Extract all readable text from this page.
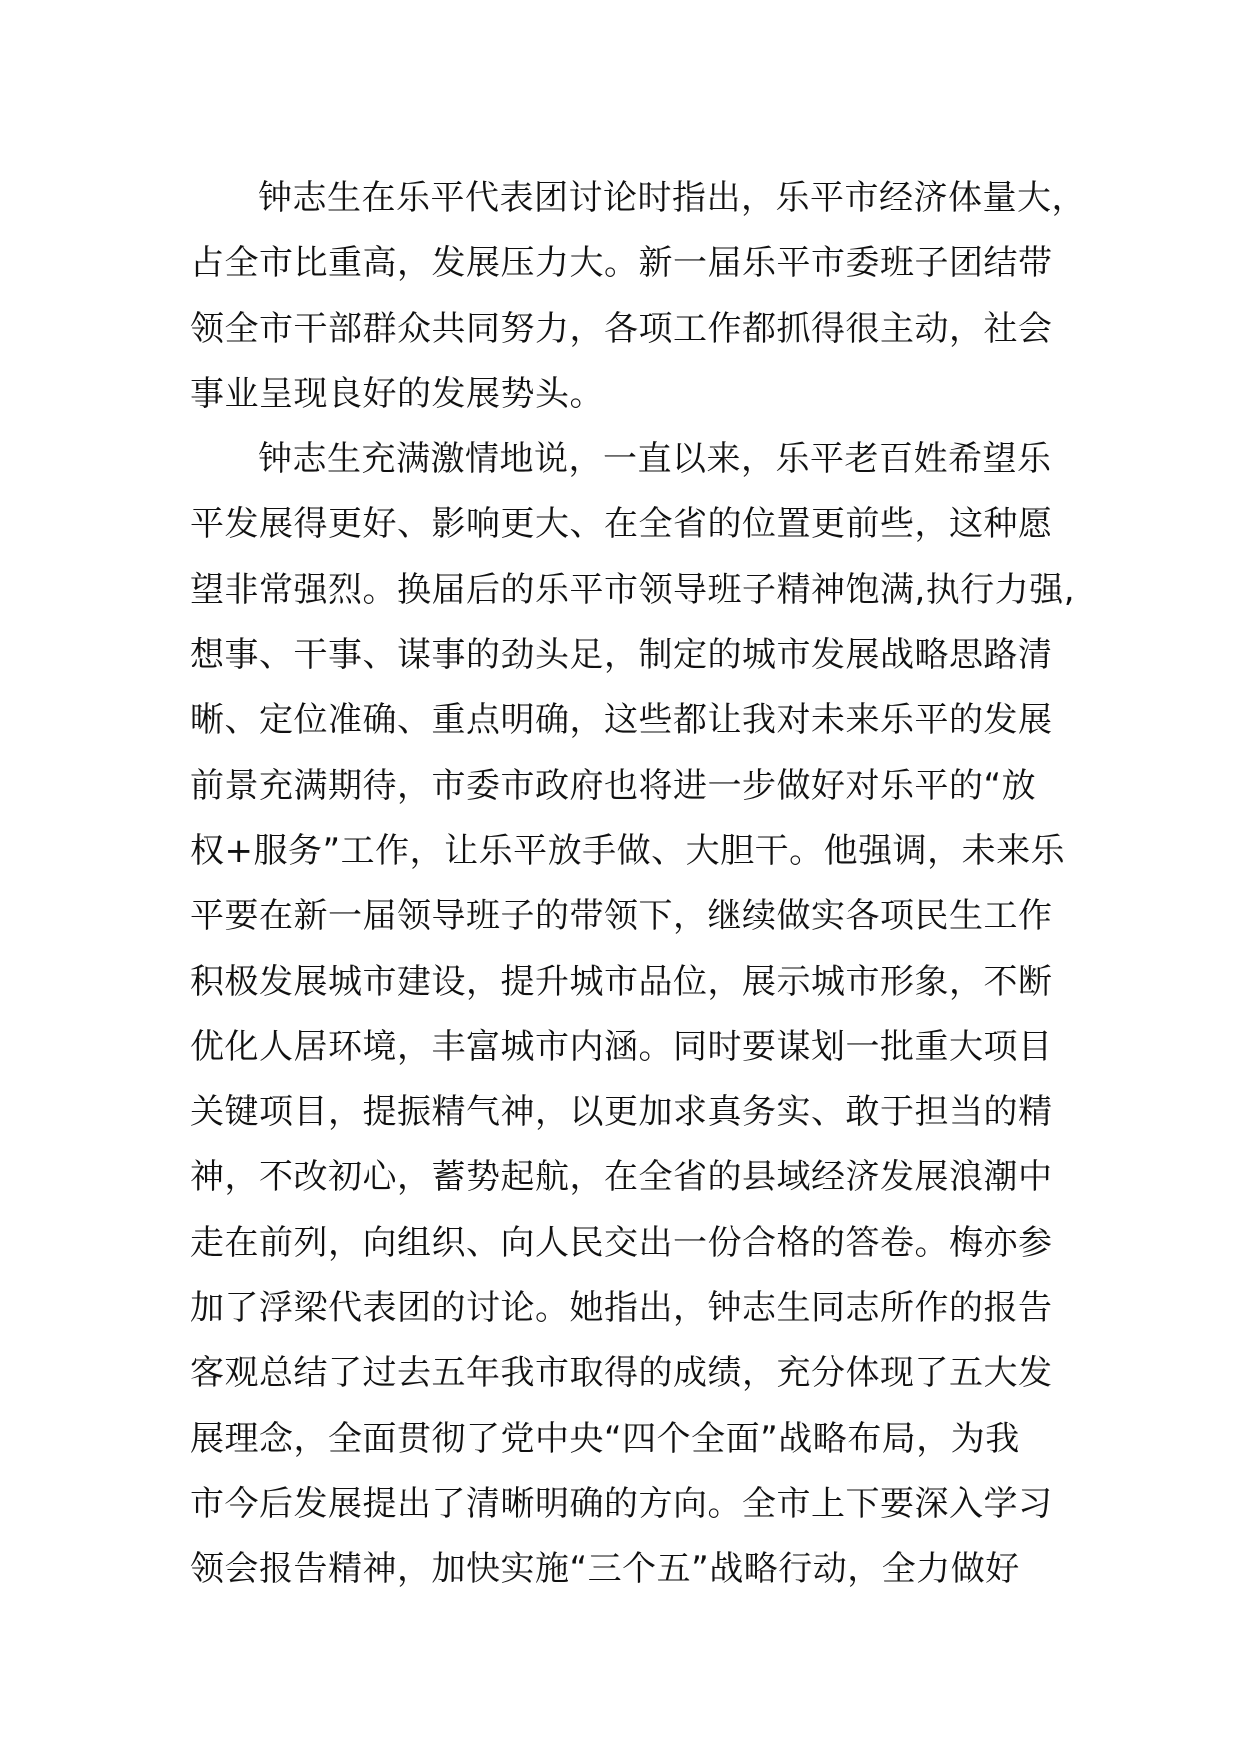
钟志生在乐平代表团讨论时指出，乐平市经济体量大，
占全市比重高，发展压力大。新一届乐平市委班子团结带
领全市干部群众共同努力，各项工作都抓得很主动，社会
事业呈现良好的发展势头。
钟志生充满激情地说，一直以来，乐平老百姓希望乐
平发展得更好、影响更大、在全省的位置更前些，这种愿
望非常强烈。换届后的乐平市领导班子精神饱满,执行力强,
想事、干事、谋事的劲头足，制定的城市发展战略思路清
晰、定位准确、重点明确，这些都让我对未来乐平的发展
前景充满期待，市委市政府也将进一步做好对乐平的“放
权+服务”工作，让乐平放手做、大胆干。他强调，未来乐
平要在新一届领导班子的带领下，继续做实各项民生工作
积极发展城市建设，提升城市品位，展示城市形象，不断
优化人居环境，丰富城市内涵。同时要谋划一批重大项目
关键项目，提振精气神，以更加求真务实、敢于担当的精
神，不改初心，蓄势起航，在全省的县域经济发展浪潮中
走在前列，向组织、向人民交出一份合格的答卷。梅亦参
加了浮梁代表团的讨论。她指出，钟志生同志所作的报告
客观总结了过去五年我市取得的成绩，充分体现了五大发
展理念，全面贯彻了党中央“四个全面”战略布局，为我
市今后发展提出了清晰明确的方向。全市上下要深入学习
领会报告精神，加快实施“三个五”战略行动，全力做好
